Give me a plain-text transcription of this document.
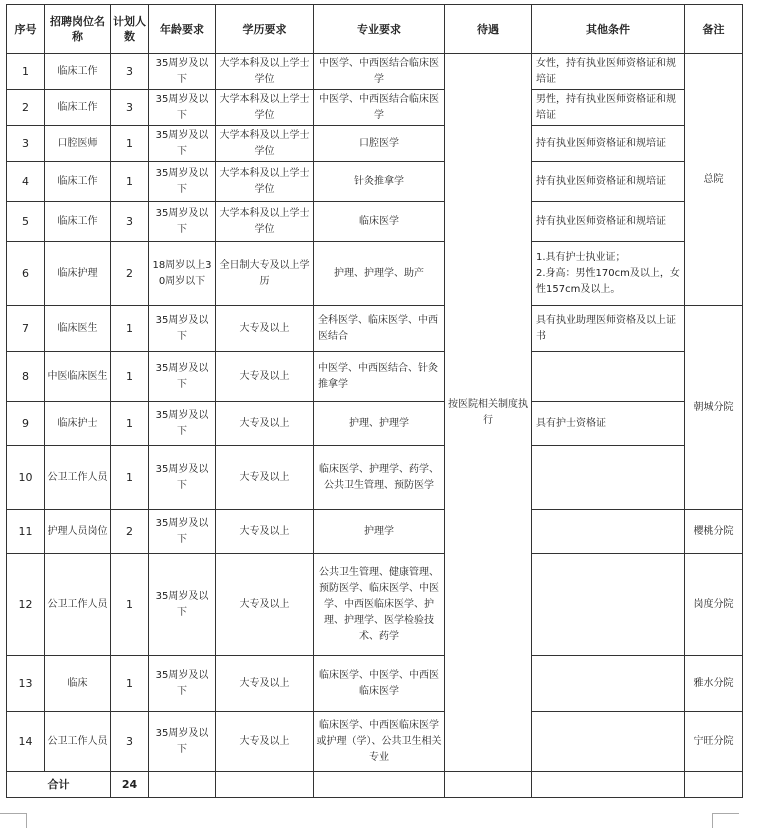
序号	招聘岗位名称	计划人数	年龄要求	学历要求	专业要求	待遇	其他条件	备注
1	临床工作	3	35周岁及以下	大学本科及以上学士学位	中医学、中西医结合临床医学	按医院相关制度执行	女性，持有执业医师资格证和规培证	总院
2	临床工作	3	35周岁及以下	大学本科及以上学士学位	中医学、中西医结合临床医学		男性，持有执业医师资格证和规培证	
3	口腔医师	1	35周岁及以下	大学本科及以上学士学位	口腔医学		持有执业医师资格证和规培证	
4	临床工作	1	35周岁及以下	大学本科及以上学士学位	针灸推拿学		持有执业医师资格证和规培证	
5	临床工作	3	35周岁及以下	大学本科及以上学士学位	临床医学		持有执业医师资格证和规培证	
6	临床护理	2	18周岁以上30周岁以下	全日制大专及以上学历	护理、护理学、助产		1.具有护士执业证；
2.身高：男性170cm及以上，女性157cm及以上。	
7	临床医生	1	35周岁及以下	大专及以上	全科医学、临床医学、中西医结合		具有执业助理医师资格及以上证书	朝城分院
8	中医临床医生	1	35周岁及以下	大专及以上	中医学、中西医结合、针灸推拿学			
9	临床护士	1	35周岁及以下	大专及以上	护理、护理学		具有护士资格证	
10	公卫工作人员	1	35周岁及以下	大专及以上	临床医学、护理学、药学、公共卫生管理、预防医学			
11	护理人员岗位	2	35周岁及以下	大专及以上	护理学			樱桃分院
12	公卫工作人员	1	35周岁及以下	大专及以上	公共卫生管理、健康管理、预防医学、临床医学、中医学、中西医临床医学、护理、护理学、医学检验技术、药学			岗度分院
13	临床	1	35周岁及以下	大专及以上	临床医学、中医学、中西医临床医学			雅水分院
14	公卫工作人员	3	35周岁及以下	大专及以上	临床医学、中西医临床医学或护理（学）、公共卫生相关专业			宁旺分院
合计		24						
